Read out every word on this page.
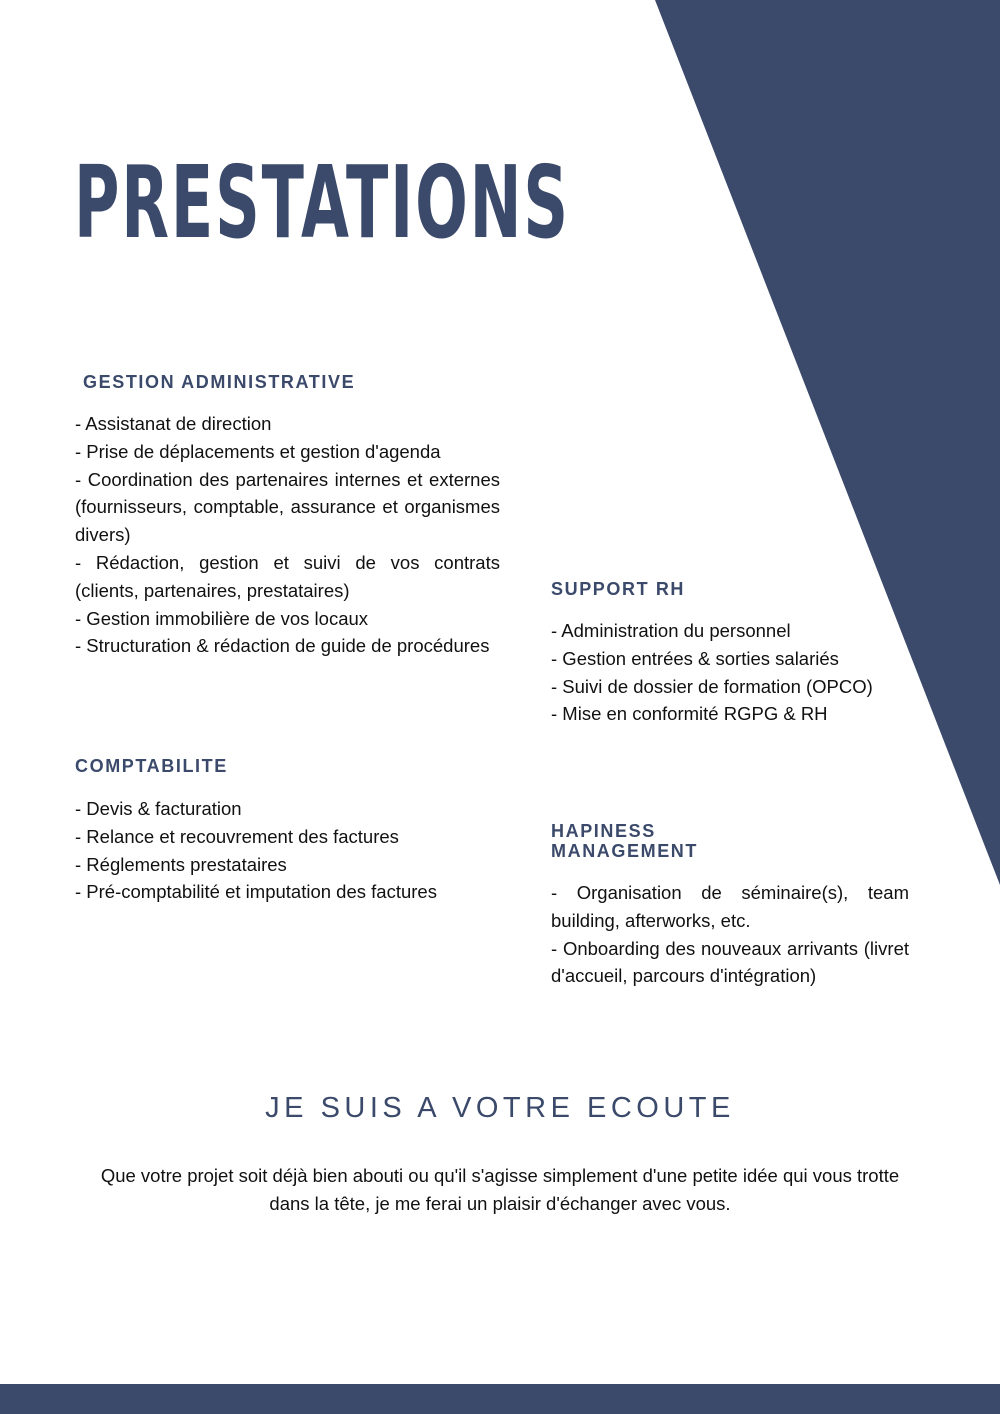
PRESTATIONS
GESTION ADMINISTRATIVE
- Assistanat de direction
- Prise de déplacements et gestion d'agenda
- Coordination des partenaires internes et externes (fournisseurs, comptable, assurance et organismes divers)
- Rédaction, gestion et suivi de vos contrats (clients, partenaires, prestataires)
- Gestion immobilière de vos locaux
- Structuration & rédaction de guide de procédures
COMPTABILITE
- Devis & facturation
- Relance et recouvrement des factures
- Réglements prestataires
- Pré-comptabilité et imputation des factures
SUPPORT RH
- Administration du personnel
- Gestion entrées & sorties salariés
- Suivi de dossier de formation (OPCO)
- Mise en conformité RGPG & RH
HAPINESS
MANAGEMENT
- Organisation de séminaire(s), team building, afterworks, etc.
- Onboarding des nouveaux arrivants (livret d'accueil, parcours d'intégration)
JE SUIS A VOTRE ECOUTE

Que votre projet soit déjà bien abouti ou qu'il s'agisse simplement d'une petite idée qui vous trotte dans la tête, je me ferai un plaisir d'échanger avec vous.
